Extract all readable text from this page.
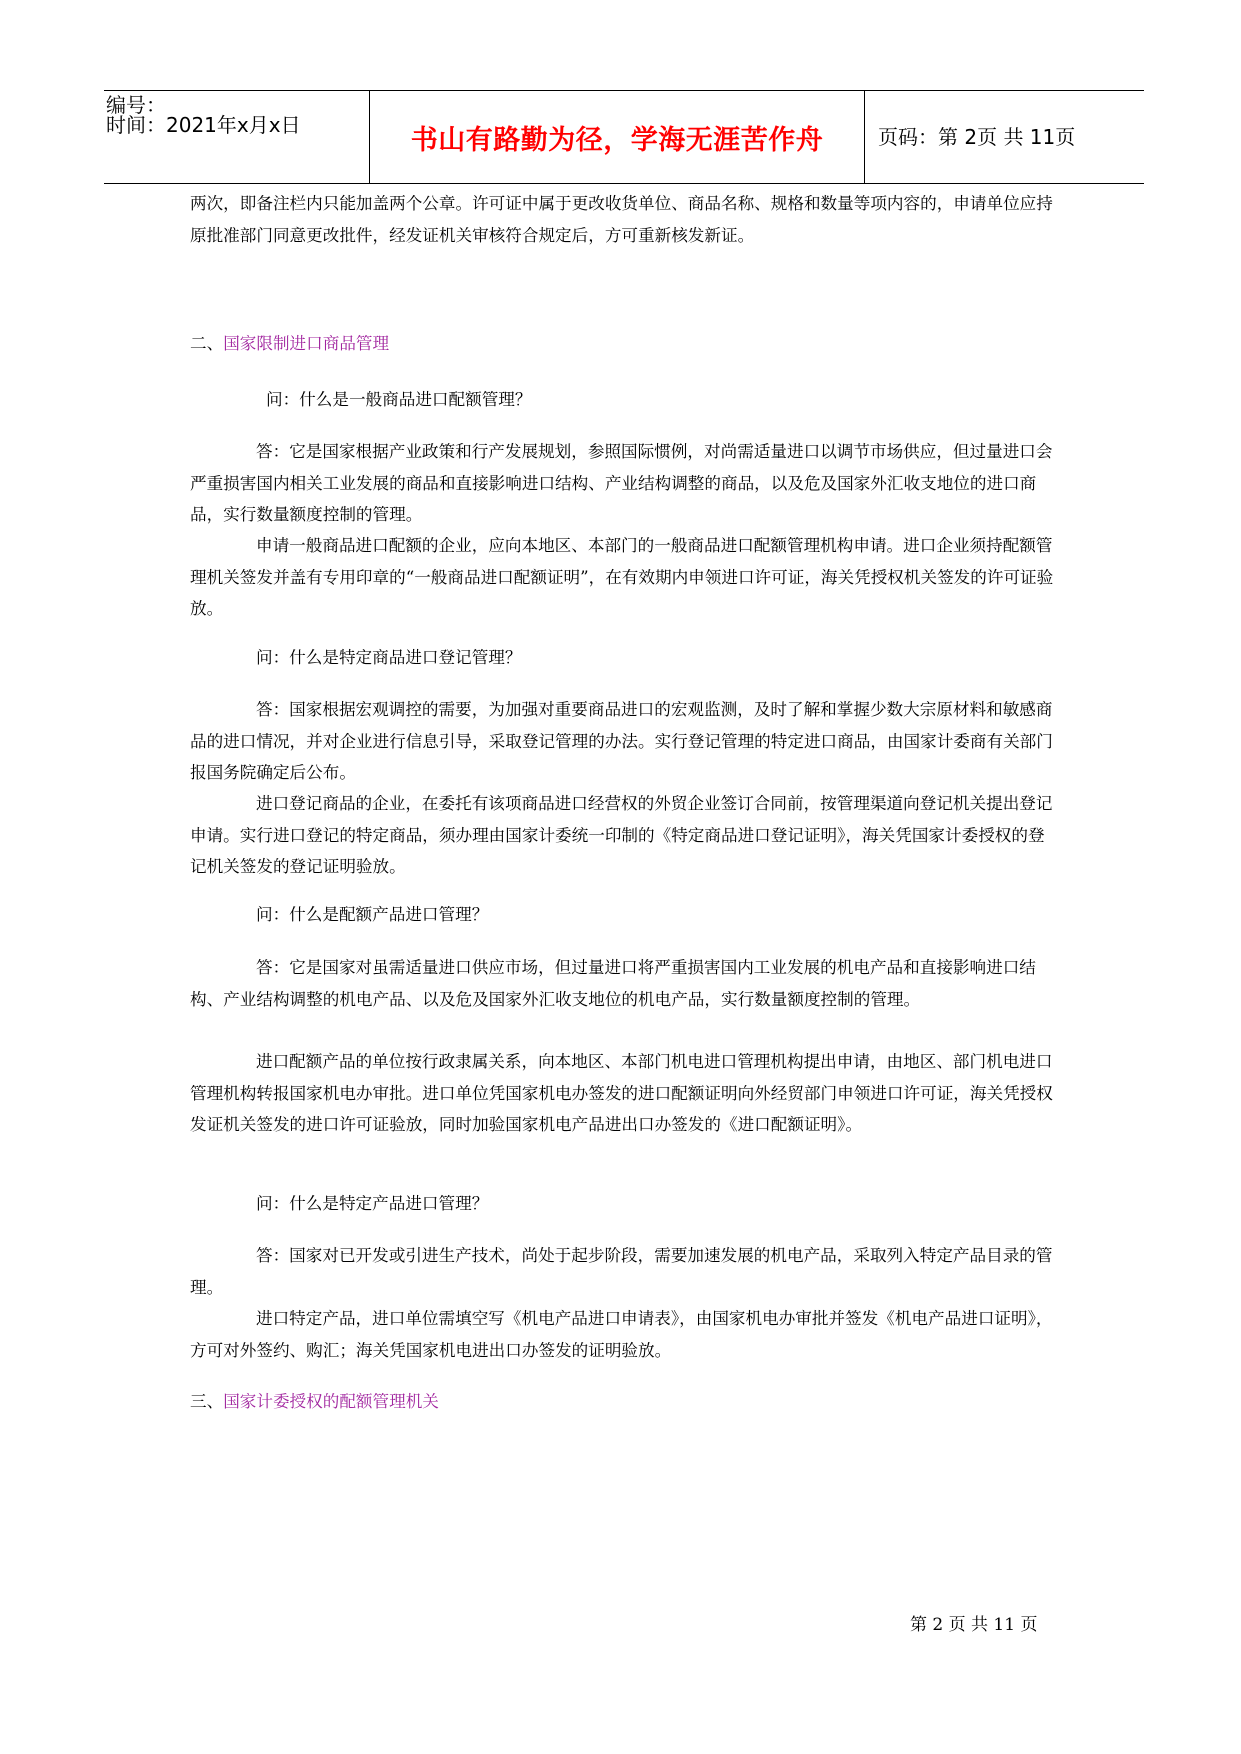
编号：
时间：2021年x月x日	书山有路勤为径，学海无涯苦作舟	页码：第 2页 共 11页
两次，即备注栏内只能加盖两个公章。许可证中属于更改收货单位、商品名称、规格和数量等项内容的，申请单位应持原批准部门同意更改批件，经发证机关审核符合规定后，方可重新核发新证。
二、国家限制进口商品管理
问：什么是一般商品进口配额管理？
答：它是国家根据产业政策和行产发展规划，参照国际惯例，对尚需适量进口以调节市场供应，但过量进口会严重损害国内相关工业发展的商品和直接影响进口结构、产业结构调整的商品，以及危及国家外汇收支地位的进口商品，实行数量额度控制的管理。
申请一般商品进口配额的企业，应向本地区、本部门的一般商品进口配额管理机构申请。进口企业须持配额管理机关签发并盖有专用印章的“一般商品进口配额证明”，在有效期内申领进口许可证，海关凭授权机关签发的许可证验放。
问：什么是特定商品进口登记管理？
答：国家根据宏观调控的需要，为加强对重要商品进口的宏观监测，及时了解和掌握少数大宗原材料和敏感商品的进口情况，并对企业进行信息引导，采取登记管理的办法。实行登记管理的特定进口商品，由国家计委商有关部门报国务院确定后公布。
进口登记商品的企业，在委托有该项商品进口经营权的外贸企业签订合同前，按管理渠道向登记机关提出登记申请。实行进口登记的特定商品，须办理由国家计委统一印制的《特定商品进口登记证明》，海关凭国家计委授权的登记机关签发的登记证明验放。
问：什么是配额产品进口管理？
答：它是国家对虽需适量进口供应市场，但过量进口将严重损害国内工业发展的机电产品和直接影响进口结构、产业结构调整的机电产品、以及危及国家外汇收支地位的机电产品，实行数量额度控制的管理。
进口配额产品的单位按行政隶属关系，向本地区、本部门机电进口管理机构提出申请，由地区、部门机电进口管理机构转报国家机电办审批。进口单位凭国家机电办签发的进口配额证明向外经贸部门申领进口许可证，海关凭授权发证机关签发的进口许可证验放，同时加验国家机电产品进出口办签发的《进口配额证明》。
问：什么是特定产品进口管理？
答：国家对已开发或引进生产技术，尚处于起步阶段，需要加速发展的机电产品，采取列入特定产品目录的管理。
进口特定产品，进口单位需填空写《机电产品进口申请表》，由国家机电办审批并签发《机电产品进口证明》，方可对外签约、购汇；海关凭国家机电进出口办签发的证明验放。
三、国家计委授权的配额管理机关
第 2 页 共 11 页
